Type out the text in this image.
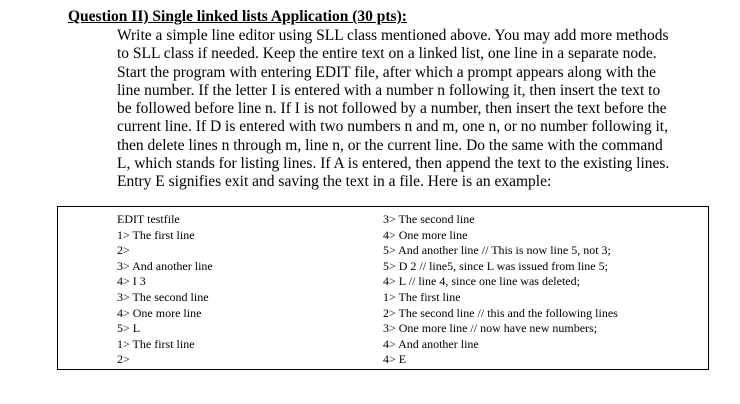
Question II) Single linked lists Application (30 pts):
Write a simple line editor using SLL class mentioned above. You may add more methods
to SLL class if needed. Keep the entire text on a linked list, one line in a separate node.
Start the program with entering EDIT file, after which a prompt appears along with the
line number. If the letter I is entered with a number n following it, then insert the text to
be followed before line n. If I is not followed by a number, then insert the text before the
current line. If D is entered with two numbers n and m, one n, or no number following it,
then delete lines n through m, line n, or the current line. Do the same with the command
L, which stands for listing lines. If A is entered, then append the text to the existing lines.
Entry E signifies exit and saving the text in a file. Here is an example:
EDIT testfile
1> The first line
2>
3> And another line
4> I 3
3> The second line
4> One more line
5> L
1> The first line
2>
3> The second line
4> One more line
5> And another line // This is now line 5, not 3;
5> D 2 // line5, since L was issued from line 5;
4> L // line 4, since one line was deleted;
1> The first line
2> The second line // this and the following lines
3> One more line // now have new numbers;
4> And another line
4> E
